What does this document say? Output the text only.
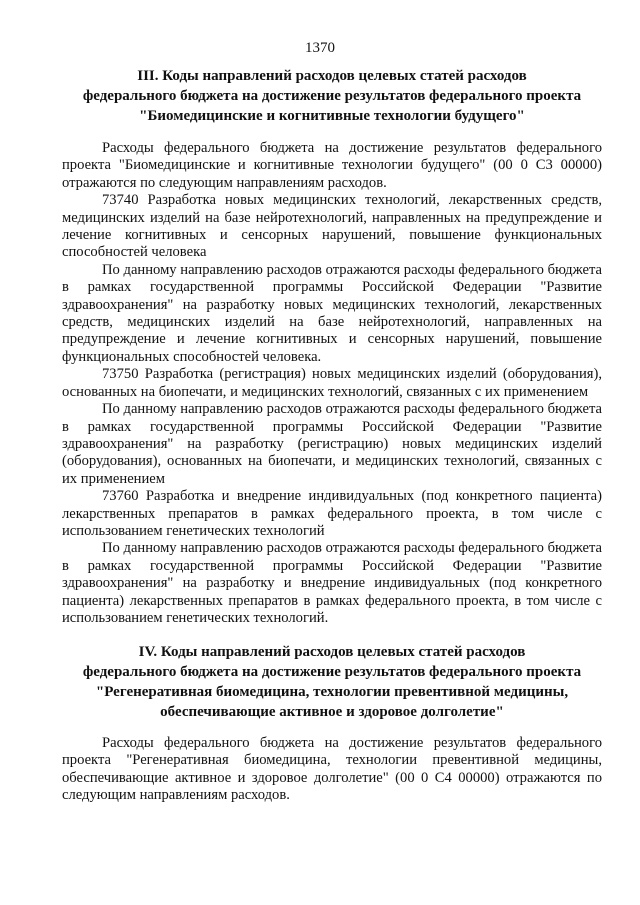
1370
III. Коды направлений расходов целевых статей расходов
федерального бюджета на достижение результатов федерального проекта
"Биомедицинские и когнитивные технологии будущего"

Расходы федерального бюджета на достижение результатов федерального проекта "Биомедицинские и когнитивные технологии будущего" (00 0 С3 00000) отражаются по следующим направлениям расходов.

73740 Разработка новых медицинских технологий, лекарственных средств, медицинских изделий на базе нейротехнологий, направленных на предупреждение и лечение когнитивных и сенсорных нарушений, повышение функциональных способностей человека

По данному направлению расходов отражаются расходы федерального бюджета в рамках государственной программы Российской Федерации "Развитие здравоохранения" на разработку новых медицинских технологий, лекарственных средств, медицинских изделий на базе нейротехнологий, направленных на предупреждение и лечение когнитивных и сенсорных нарушений, повышение функциональных способностей человека.

73750 Разработка (регистрация) новых медицинских изделий (оборудования), основанных на биопечати, и медицинских технологий, связанных с их применением

По данному направлению расходов отражаются расходы федерального бюджета в рамках государственной программы Российской Федерации "Развитие здравоохранения" на разработку (регистрацию) новых медицинских изделий (оборудования), основанных на биопечати, и медицинских технологий, связанных с их применением

73760 Разработка и внедрение индивидуальных (под конкретного пациента) лекарственных препаратов в рамках федерального проекта, в том числе с использованием генетических технологий

По данному направлению расходов отражаются расходы федерального бюджета в рамках государственной программы Российской Федерации "Развитие здравоохранения" на разработку и внедрение индивидуальных (под конкретного пациента) лекарственных препаратов в рамках федерального проекта, в том числе с использованием генетических технологий.

IV. Коды направлений расходов целевых статей расходов
федерального бюджета на достижение результатов федерального проекта
"Регенеративная биомедицина, технологии превентивной медицины,
обеспечивающие активное и здоровое долголетие"

Расходы федерального бюджета на достижение результатов федерального проекта "Регенеративная биомедицина, технологии превентивной медицины, обеспечивающие активное и здоровое долголетие" (00 0 С4 00000) отражаются по следующим направлениям расходов.
